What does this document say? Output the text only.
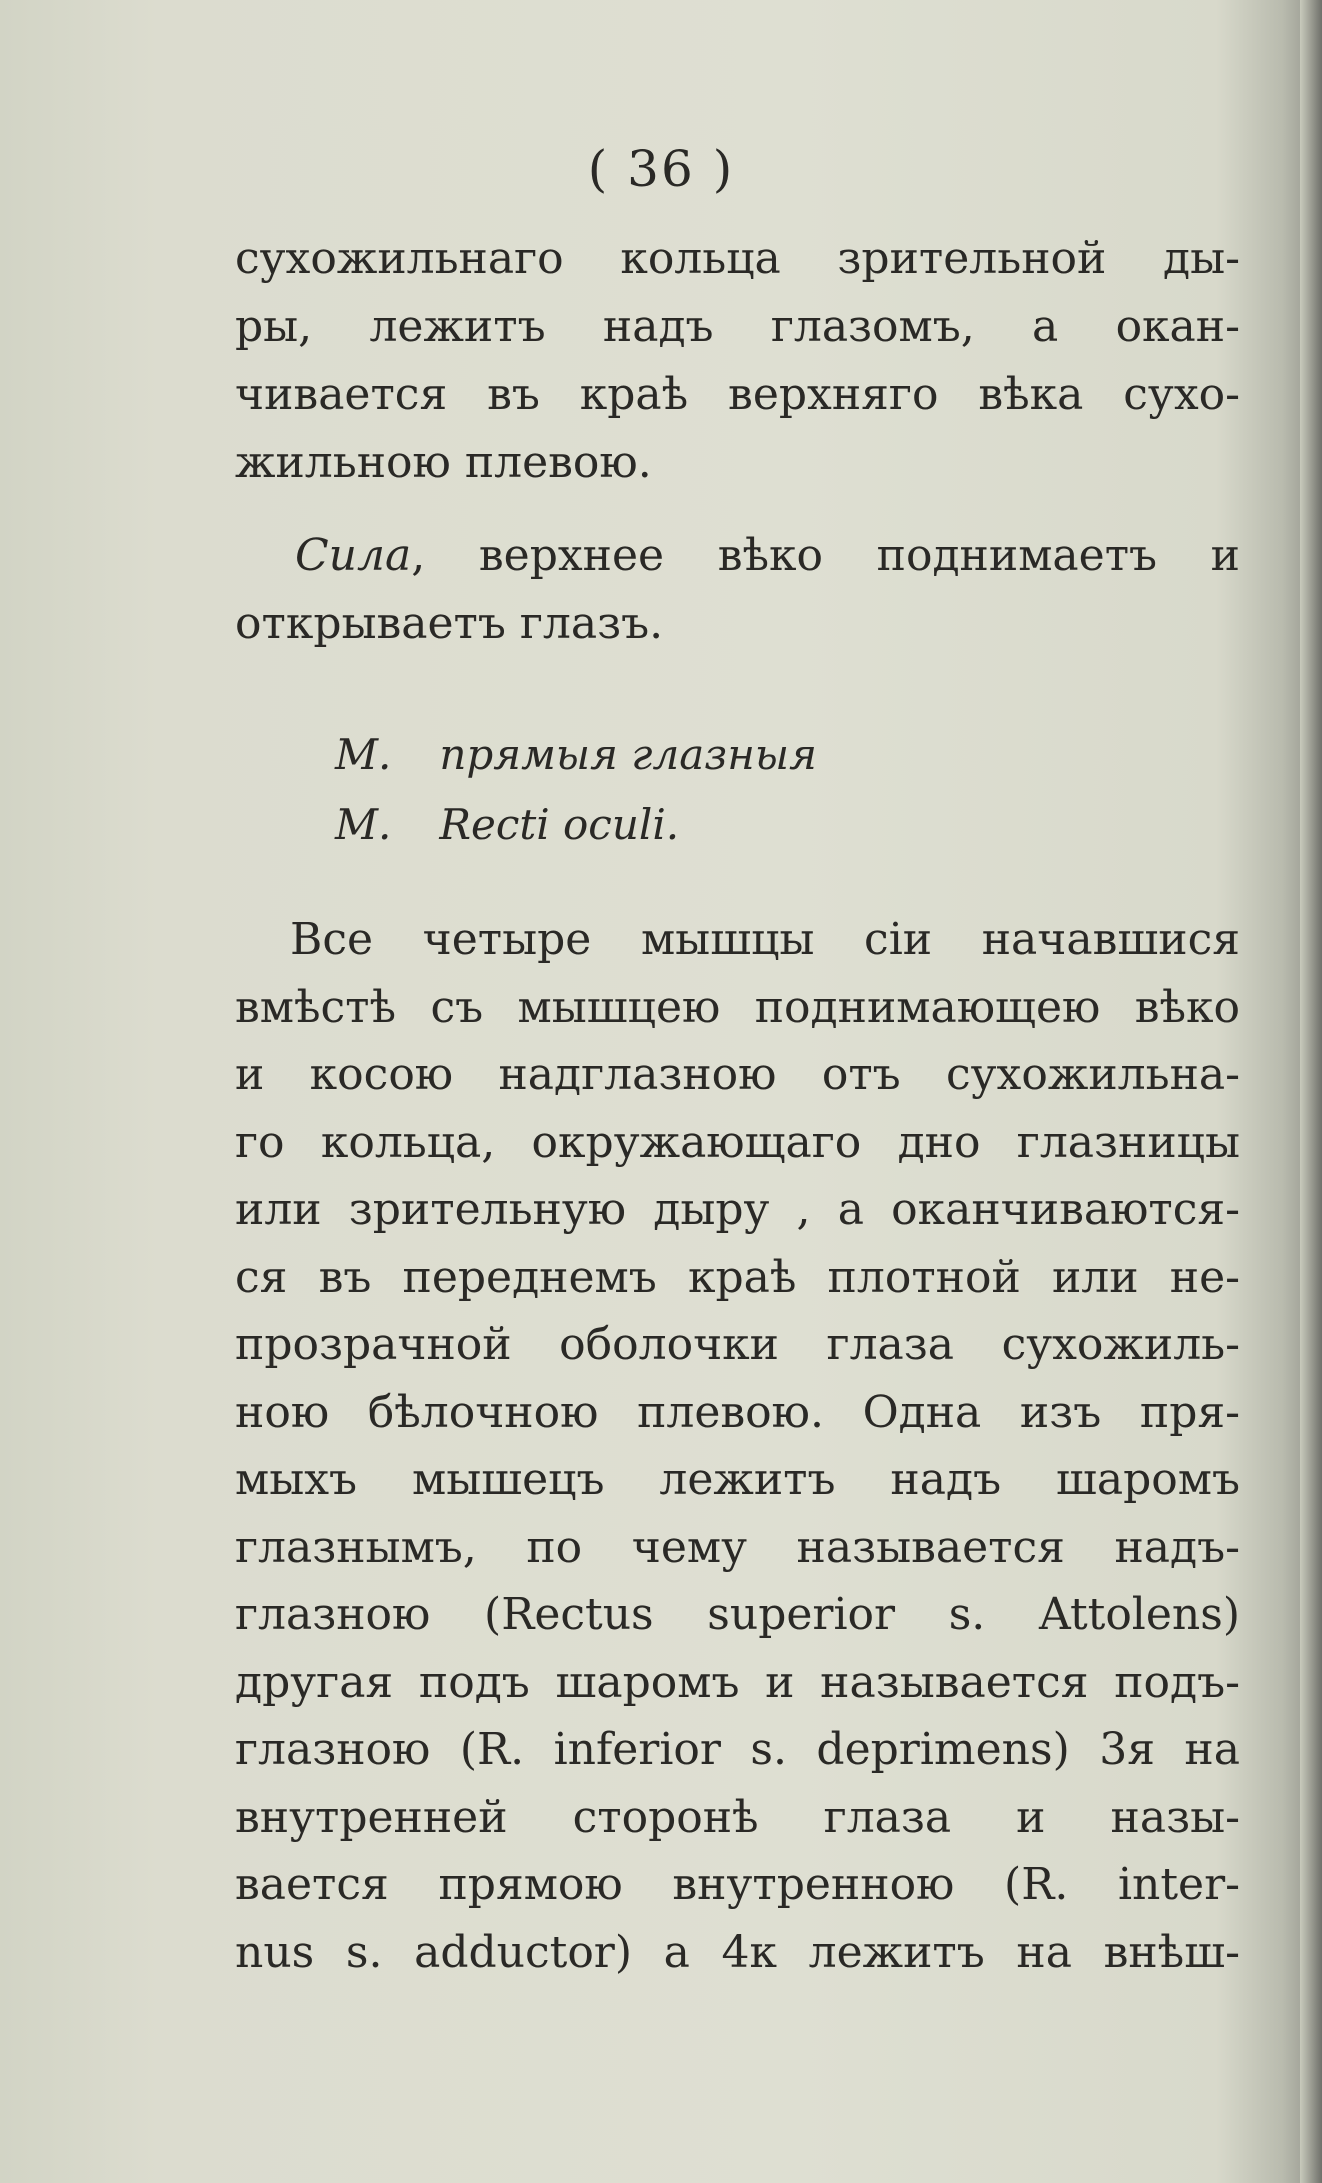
( 36 )
сухожильнаго кольца зрительной ды-
ры, лежитъ надъ глазомъ, а окан-
чивается въ краѣ верхняго вѣка сухо-
жильною плевою.
Сила, верхнее вѣко поднимаетъ и
открываетъ глазъ.
М. прямыя глазныя
M. Recti oculi.
Все четыре мышцы сіи начавшися
вмѣстѣ съ мышцею поднимающею вѣко
и косою надглазною отъ сухожильна-
го кольца, окружающаго дно глазницы
или зрительную дыру , а оканчиваются-
ся въ переднемъ краѣ плотной или не-
прозрачной оболочки глаза сухожиль-
ною бѣлочною плевою. Одна изъ пря-
мыхъ мышецъ лежитъ надъ шаромъ
глазнымъ, по чему называется надъ-
глазною (Rectus superior s. Attolens)
другая подъ шаромъ и называется подъ-
глазною (R. inferior s. deprimens) 3я на
внутренней сторонѣ глаза и назы-
вается прямою внутренною (R. inter-
nus s. adductor) а 4к лежитъ на внѣш-
